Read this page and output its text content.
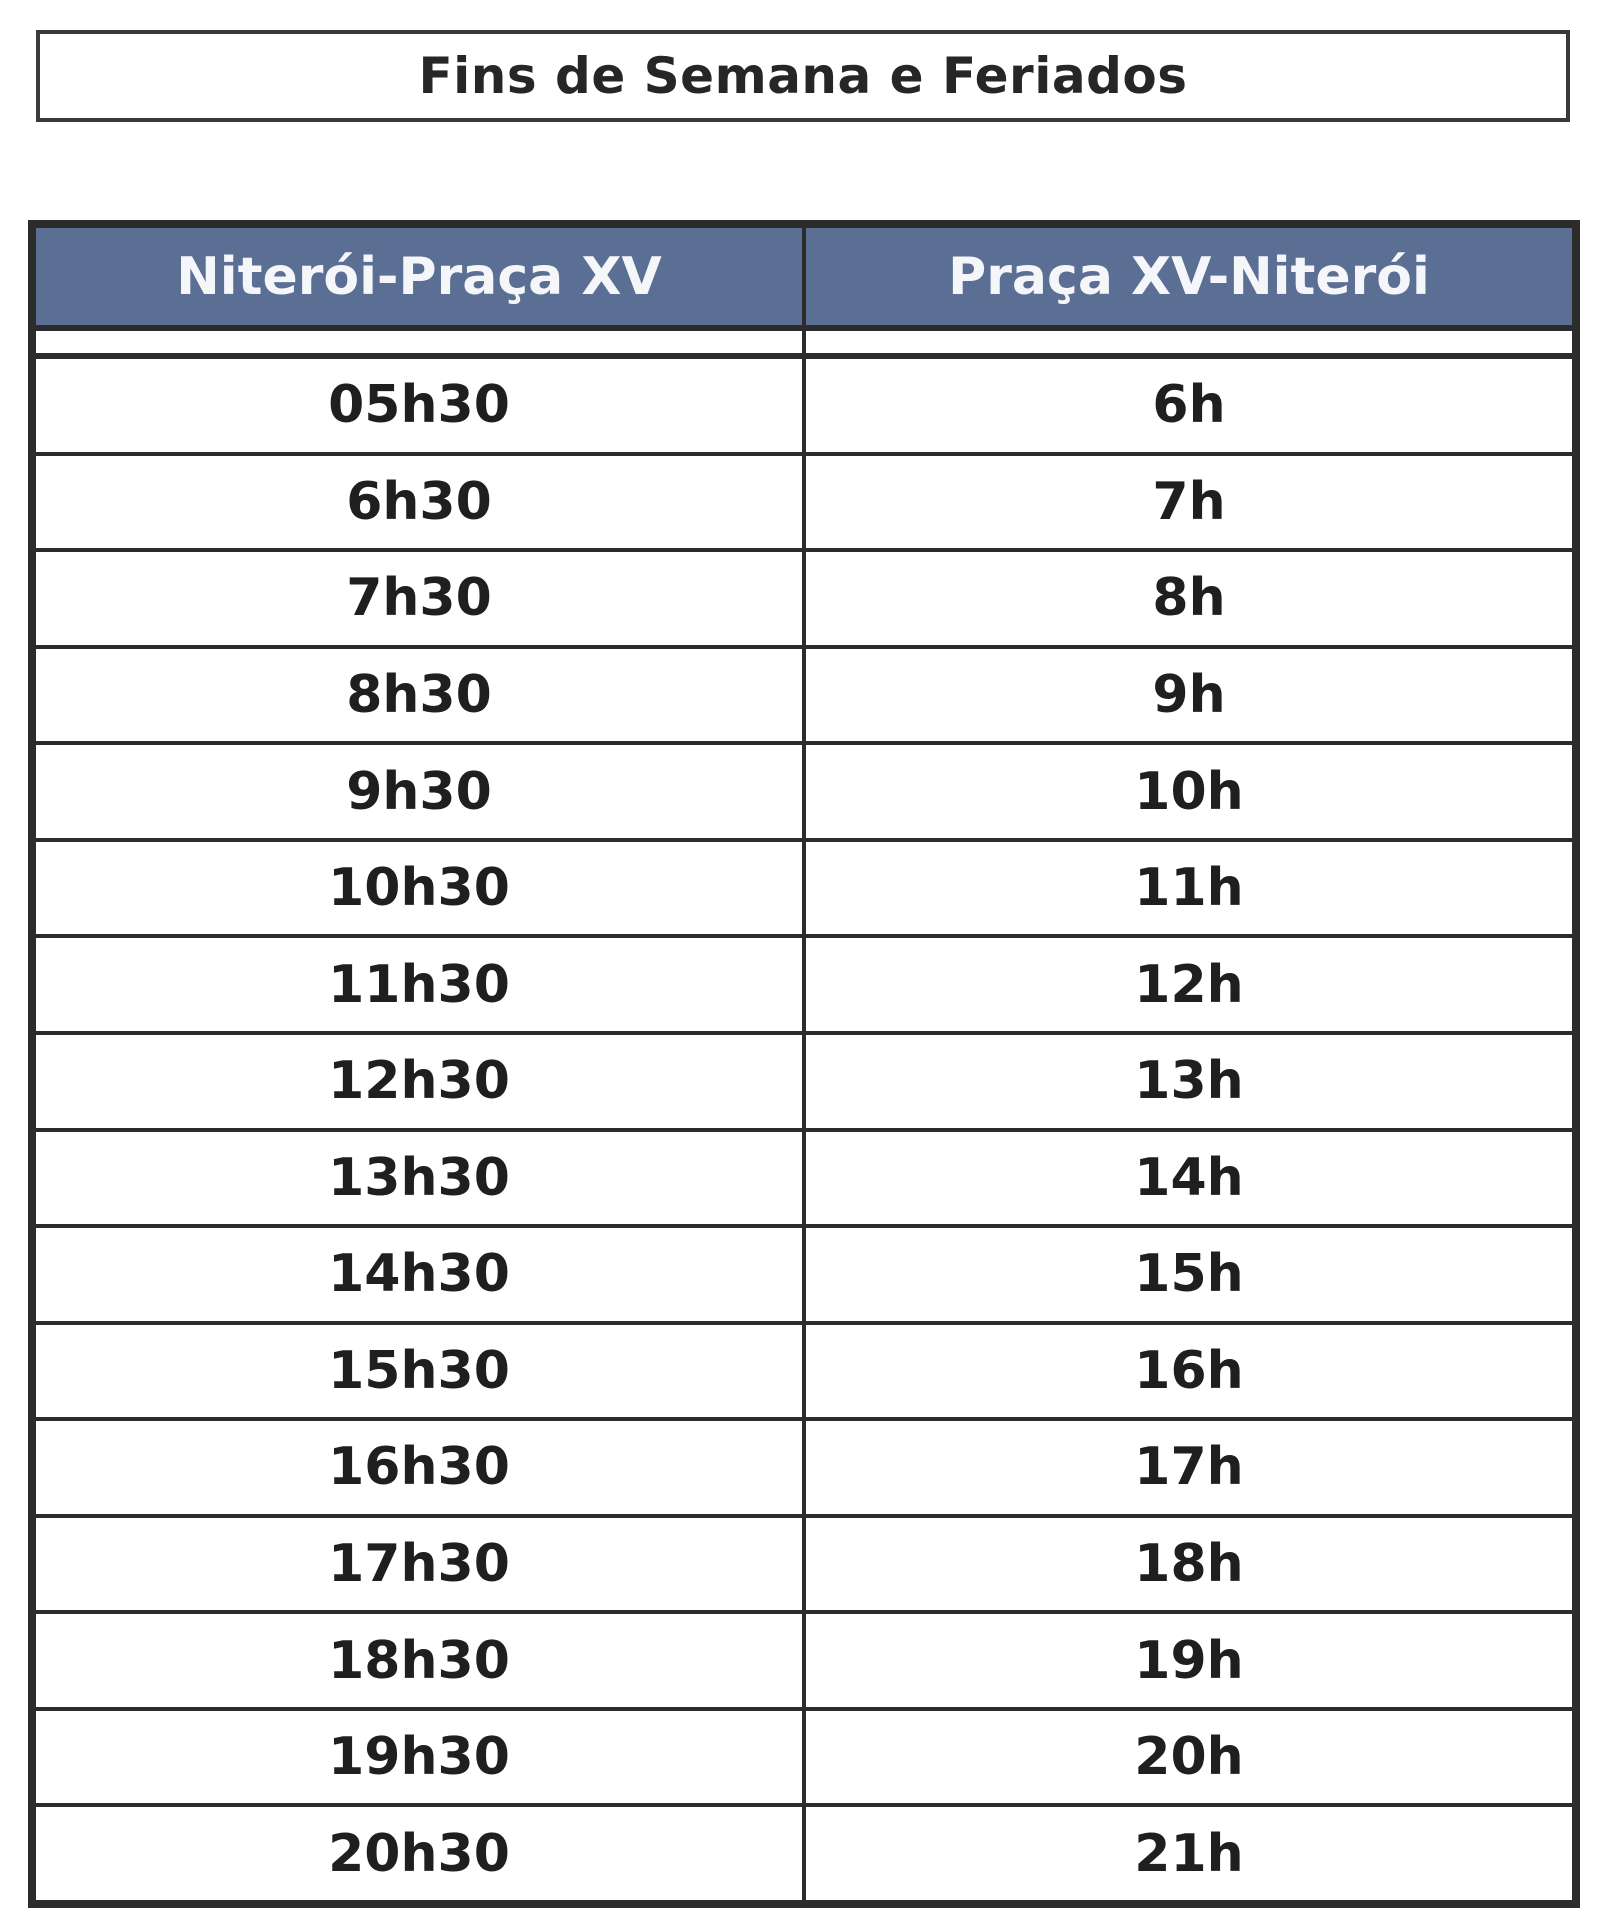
Fins de Semana e Feriados
Niterói-Praça XV	Praça XV-Niterói
05h30	6h
6h30	7h
7h30	8h
8h30	9h
9h30	10h
10h30	11h
11h30	12h
12h30	13h
13h30	14h
14h30	15h
15h30	16h
16h30	17h
17h30	18h
18h30	19h
19h30	20h
20h30	21h
